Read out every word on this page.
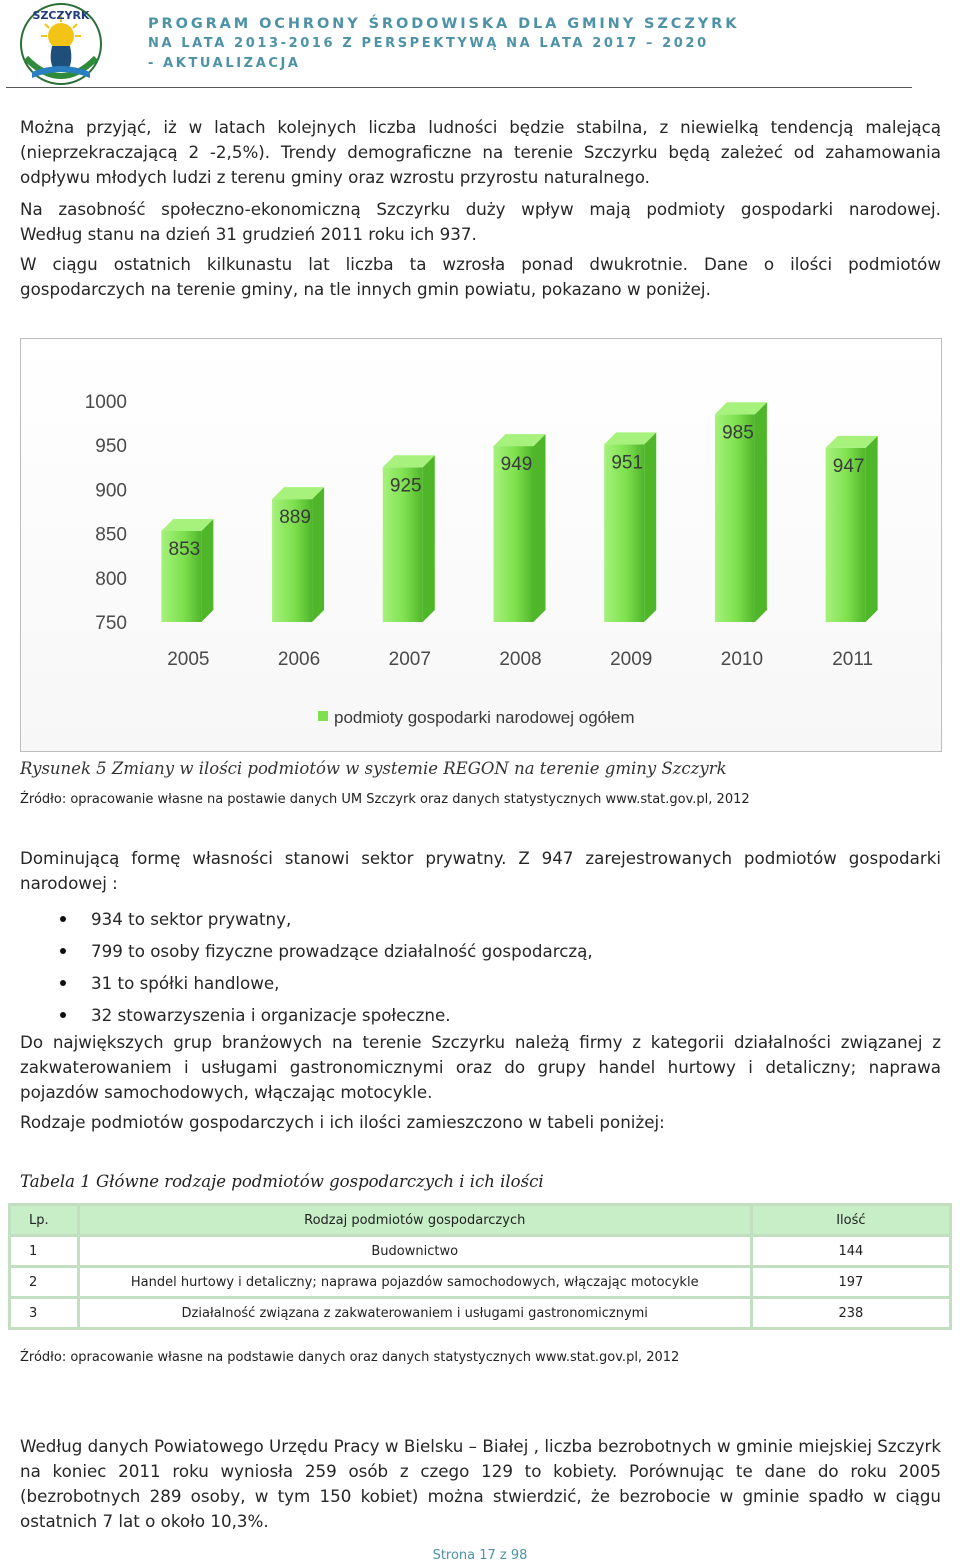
SZCZYRK
PROGRAM OCHRONY ŚRODOWISKA DLA GMINY SZCZYRK
NA LATA 2013-2016 Z PERSPEKTYWĄ NA LATA 2017 – 2020
- AKTUALIZACJA
Można przyjąć, iż w latach kolejnych liczba ludności będzie stabilna, z niewielką tendencją malejącą (nieprzekraczającą 2 -2,5%). Trendy demograficzne na terenie Szczyrku będą zależeć od zahamowania
odpływu młodych ludzi z terenu gminy oraz wzrostu przyrostu naturalnego.
Na zasobność społeczno-ekonomiczną Szczyrku duży wpływ mają podmioty gospodarki narodowej.
Według stanu na dzień 31 grudzień 2011 roku ich 937.
W ciągu ostatnich kilkunastu lat liczba ta wzrosła ponad dwukrotnie. Dane o ilości podmiotów
gospodarczych na terenie gminy, na tle innych gmin powiatu, pokazano w poniżej.
750
800
850
900
950
1000
853
2005
889
2006
925
2007
949
2008
951
2009
985
2010
947
2011
podmioty gospodarki narodowej ogółem
Rysunek 5 Zmiany w ilości podmiotów w systemie REGON na terenie gminy Szczyrk
Źródło: opracowanie własne na postawie danych UM Szczyrk oraz danych statystycznych www.stat.gov.pl, 2012
Dominującą formę własności stanowi sektor prywatny. Z 947 zarejestrowanych podmiotów gospodarki
narodowej :
934 to sektor prywatny,
799 to osoby fizyczne prowadzące działalność gospodarczą,
31 to spółki handlowe,
32 stowarzyszenia i organizacje społeczne.
Do największych grup branżowych na terenie Szczyrku należą firmy z kategorii działalności związanej z zakwaterowaniem i usługami gastronomicznymi oraz do grupy handel hurtowy i detaliczny; naprawa
pojazdów samochodowych, włączając motocykle.
Rodzaje podmiotów gospodarczych i ich ilości zamieszczono w tabeli poniżej:
Tabela 1 Główne rodzaje podmiotów gospodarczych i ich ilości
Lp.	Rodzaj podmiotów gospodarczych	Ilość
1	Budownictwo	144
2	Handel hurtowy i detaliczny; naprawa pojazdów samochodowych, włączając motocykle	197
3	Działalność związana z zakwaterowaniem i usługami gastronomicznymi	238
Źródło: opracowanie własne na podstawie danych oraz danych statystycznych www.stat.gov.pl, 2012
Według danych Powiatowego Urzędu Pracy w Bielsku – Białej , liczba bezrobotnych w gminie miejskiej Szczyrk na koniec 2011 roku wyniosła 259 osób z czego 129 to kobiety. Porównując te dane do roku 2005 (bezrobotnych 289 osoby, w tym 150 kobiet) można stwierdzić, że bezrobocie w gminie spadło w ciągu
ostatnich 7 lat o około 10,3%.
Strona 17 z 98
